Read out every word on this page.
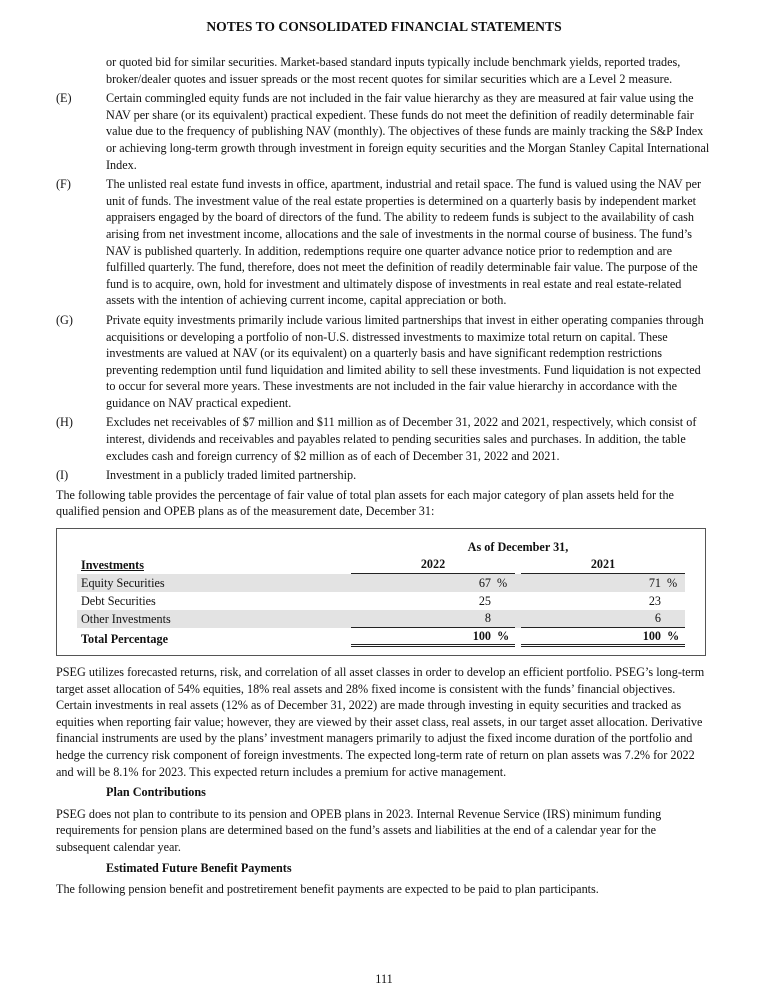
NOTES TO CONSOLIDATED FINANCIAL STATEMENTS

or quoted bid for similar securities. Market-based standard inputs typically include benchmark yields, reported trades, broker/dealer quotes and issuer spreads or the most recent quotes for similar securities which are a Level 2 measure.

(E)	Certain commingled equity funds are not included in the fair value hierarchy as they are measured at fair value using the NAV per share (or its equivalent) practical expedient. These funds do not meet the definition of readily determinable fair value due to the frequency of publishing NAV (monthly). The objectives of these funds are mainly tracking the S&P Index or achieving long-term growth through investment in foreign equity securities and the Morgan Stanley Capital International Index.
(F)	The unlisted real estate fund invests in office, apartment, industrial and retail space. The fund is valued using the NAV per unit of funds. The investment value of the real estate properties is determined on a quarterly basis by independent market appraisers engaged by the board of directors of the fund. The ability to redeem funds is subject to the availability of cash arising from net investment income, allocations and the sale of investments in the normal course of business. The fund’s NAV is published quarterly. In addition, redemptions require one quarter advance notice prior to redemption and are fulfilled quarterly. The fund, therefore, does not meet the definition of readily determinable fair value. The purpose of the fund is to acquire, own, hold for investment and ultimately dispose of investments in real estate and real estate-related assets with the intention of achieving current income, capital appreciation or both.
(G)	Private equity investments primarily include various limited partnerships that invest in either operating companies through acquisitions or developing a portfolio of non-U.S. distressed investments to maximize total return on capital. These investments are valued at NAV (or its equivalent) on a quarterly basis and have significant redemption restrictions preventing redemption until fund liquidation and limited ability to sell these investments. Fund liquidation is not expected to occur for several more years. These investments are not included in the fair value hierarchy in accordance with the guidance on NAV practical expedient.
(H)	Excludes net receivables of $7 million and $11 million as of December 31, 2022 and 2021, respectively, which consist of interest, dividends and receivables and payables related to pending securities sales and purchases. In addition, the table excludes cash and foreign currency of $2 million as of each of December 31, 2022 and 2021.
(I)	Investment in a publicly traded limited partnership.

The following table provides the percentage of fair value of total plan assets for each major category of plan assets held for the qualified pension and OPEB plans as of the measurement date, December 31:

	As of December 31,		
Investments	2022		2021
Equity Securities	67 %		71 %
Debt Securities	25		23
Other Investments	8		6
Total Percentage	100 %		100 %

PSEG utilizes forecasted returns, risk, and correlation of all asset classes in order to develop an efficient portfolio. PSEG’s long-term target asset allocation of 54% equities, 18% real assets and 28% fixed income is consistent with the funds’ financial objectives. Certain investments in real assets (12% as of December 31, 2022) are made through investing in equity securities and tracked as equities when reporting fair value; however, they are viewed by their asset class, real assets, in our target asset allocation. Derivative financial instruments are used by the plans’ investment managers primarily to adjust the fixed income duration of the portfolio and hedge the currency risk component of foreign investments. The expected long-term rate of return on plan assets was 7.2% for 2022 and will be 8.1% for 2023. This expected return includes a premium for active management.

Plan Contributions

PSEG does not plan to contribute to its pension and OPEB plans in 2023. Internal Revenue Service (IRS) minimum funding requirements for pension plans are determined based on the fund’s assets and liabilities at the end of a calendar year for the subsequent calendar year.

Estimated Future Benefit Payments

The following pension benefit and postretirement benefit payments are expected to be paid to plan participants.

111
